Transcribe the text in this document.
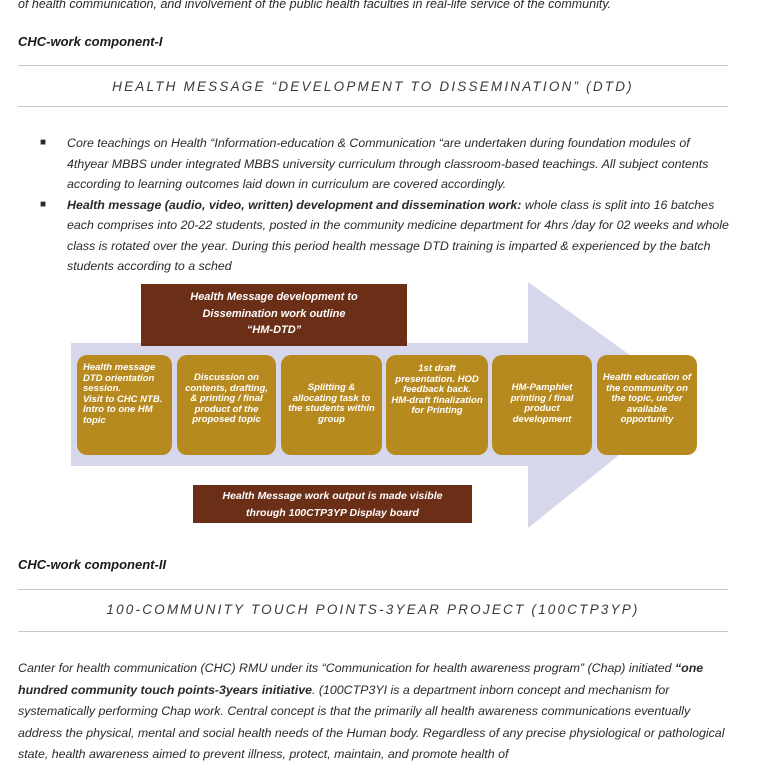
of health communication, and involvement of the public health faculties in real-life service of the community.
CHC-work component-I
HEALTH MESSAGE “DEVELOPMENT TO DISSEMINATION” (DTD)
■ Core teachings on Health “Information-education & Communication “are undertaken during foundation modules of 4thyear MBBS under integrated MBBS university curriculum through classroom-based teachings. All subject contents according to learning outcomes laid down in curriculum are covered accordingly.
■ Health message (audio, video, written) development and dissemination work: whole class is split into 16 batches each comprises into 20-22 students, posted in the community medicine department for 4hrs /day for 02 weeks and whole class is rotated over the year. During this period health message DTD training is imparted & experienced by the batch students according to a sched
Health Message development to
Dissemination work outline
“HM-DTD”
Health message DTD orientation session.
Visit to CHC NTB.
Intro to one HM topic
Discussion on contents, drafting, & printing / final product of the proposed topic
Splitting & allocating task to the students within group
1st draft presentation. HOD feedback back.
HM-draft finalization for Printing
HM-Pamphlet printing / final product development
Health education of the community on the topic, under available opportunity
Health Message work output is made visible
through 100CTP3YP Display board
CHC-work component-II
100-COMMUNITY TOUCH POINTS-3YEAR PROJECT (100CTP3YP)
Canter for health communication (CHC) RMU under its “Communication for health awareness program” (Chap) initiated “one hundred community touch points-3years initiative. (100CTP3YI is a department inborn concept and mechanism for systematically performing Chap work. Central concept is that the primarily all health awareness communications eventually address the physical, mental and social health needs of the Human body. Regardless of any precise physiological or pathological state, health awareness aimed to prevent illness, protect, maintain, and promote health of
